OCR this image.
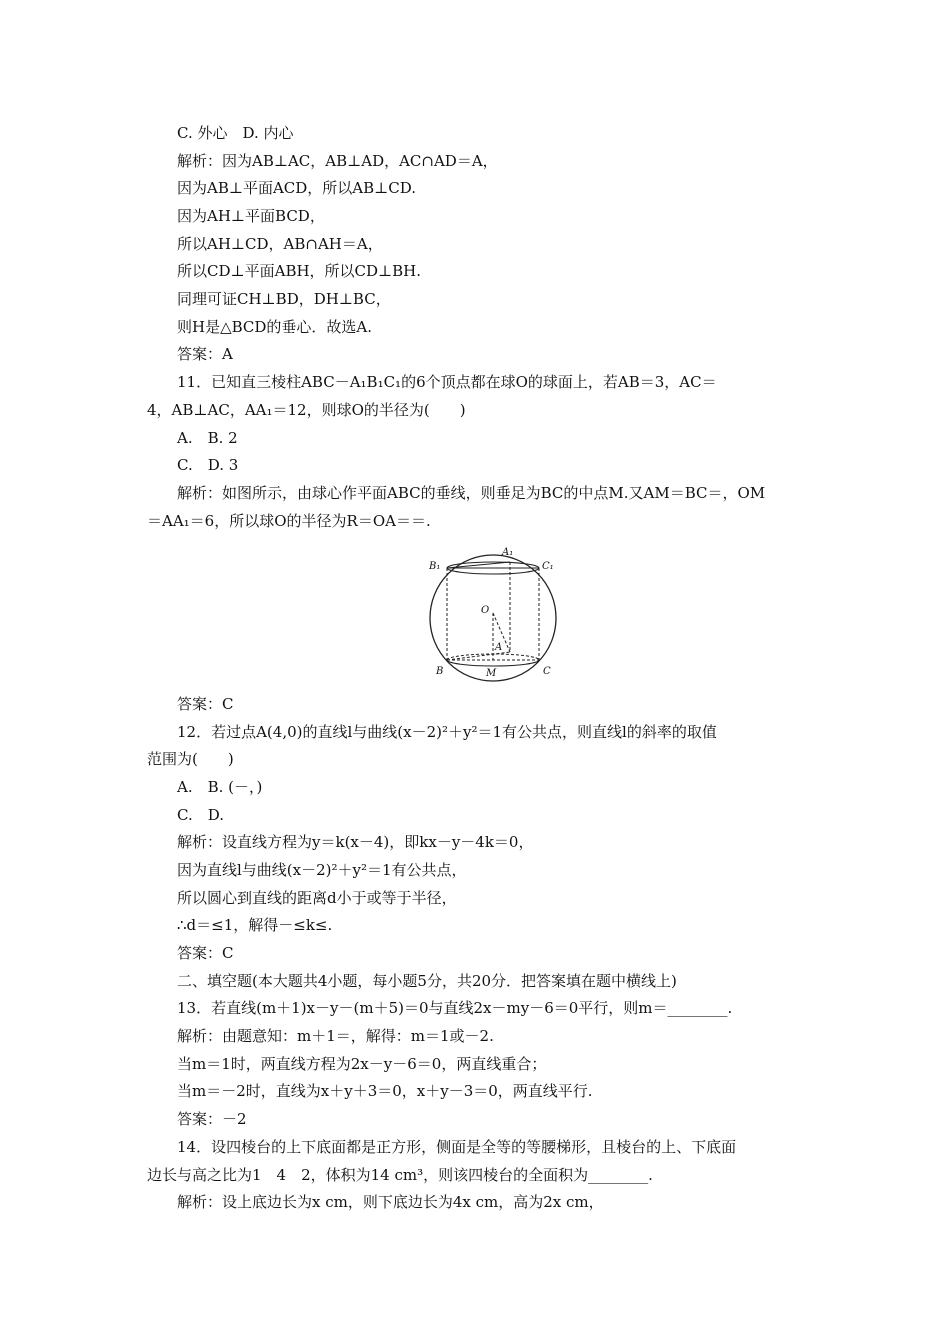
C. 外心　D. 内心
解析：因为AB⊥AC，AB⊥AD，AC∩AD＝A，
因为AB⊥平面ACD，所以AB⊥CD.
因为AH⊥平面BCD，
所以AH⊥CD，AB∩AH＝A，
所以CD⊥平面ABH，所以CD⊥BH.
同理可证CH⊥BD，DH⊥BC，
则H是△BCD的垂心．故选A.
答案：A
11．已知直三棱柱ABC－A₁B₁C₁的6个顶点都在球O的球面上，若AB＝3，AC＝
4，AB⊥AC，AA₁＝12，则球O的半径为(　　)
A.　B. 2
C.　D. 3
解析：如图所示，由球心作平面ABC的垂线，则垂足为BC的中点M.又AM＝BC＝，OM
＝AA₁＝6，所以球O的半径为R＝OA＝＝.
A₁
B₁	C₁
O
A
B	M	C
答案：C
12．若过点A(4,0)的直线l与曲线(x－2)²＋y²＝1有公共点，则直线l的斜率的取值
范围为(　　)
A.　B. (－，)
C.　D.
解析：设直线方程为y＝k(x－4)，即kx－y－4k＝0，
因为直线l与曲线(x－2)²＋y²＝1有公共点，
所以圆心到直线的距离d小于或等于半径，
∴d＝≤1，解得－≤k≤.
答案：C
二、填空题(本大题共4小题，每小题5分，共20分．把答案填在题中横线上)
13．若直线(m＋1)x－y－(m＋5)＝0与直线2x－my－6＝0平行，则m＝________.
解析：由题意知：m＋1＝，解得：m＝1或－2.
当m＝1时，两直线方程为2x－y－6＝0，两直线重合；
当m＝－2时，直线为x＋y＋3＝0，x＋y－3＝0，两直线平行.
答案：－2
14．设四棱台的上下底面都是正方形，侧面是全等的等腰梯形，且棱台的上、下底面
边长与高之比为1　4　2，体积为14 cm³，则该四棱台的全面积为________.
解析：设上底边长为x cm，则下底边长为4x cm，高为2x cm，
